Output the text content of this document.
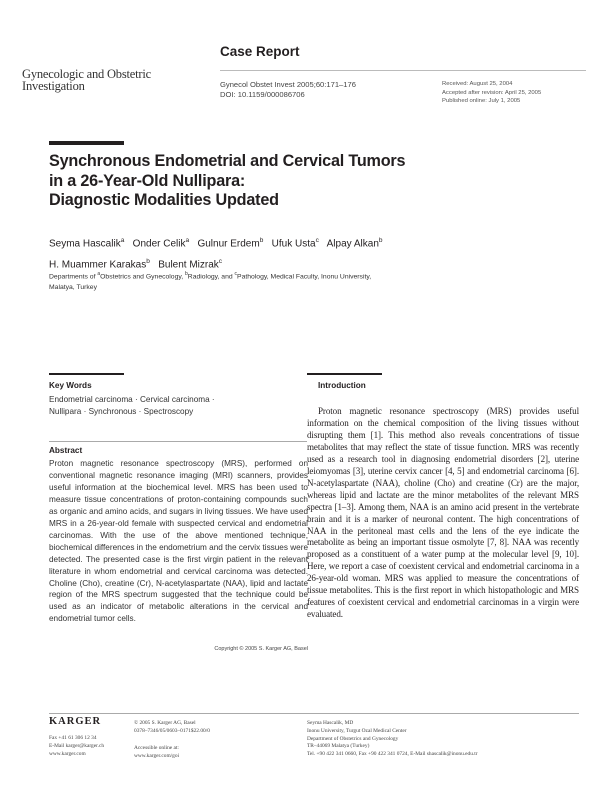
Gynecologic and Obstetric Investigation
Case Report
Gynecol Obstet Invest 2005;60:171–176
DOI: 10.1159/000086706
Received: August 25, 2004
Accepted after revision: April 25, 2005
Published online: July 1, 2005
Synchronous Endometrial and Cervical Tumors
in a 26-Year-Old Nullipara:
Diagnostic Modalities Updated
Seyma Hascalik$^a$ Onder Celik$^a$ Gulnur Erdem$^b$ Ufuk Usta$^c$ Alpay Alkan$^b$
H. Muammer Karakas$^b$ Bulent Mizrak$^c$
Departments of $^a$Obstetrics and Gynecology, $^b$Radiology, and $^c$Pathology, Medical Faculty, Inonu University,
Malatya, Turkey
Key Words
Endometrial carcinoma · Cervical carcinoma ·
Nullipara · Synchronous · Spectroscopy
Abstract
Proton magnetic resonance spectroscopy (MRS), performed on conventional magnetic resonance imaging (MRI) scanners, provides useful information at the biochemical level. MRS has been used to measure tissue concentrations of proton-containing compounds such as organic and amino acids, and sugars in living tissues. We have used MRS in a 26-year-old female with suspected cervical and endometrial carcinomas. With the use of the above mentioned technique, biochemical differences in the endometrium and the cervix tissues were detected. The presented case is the first virgin patient in the relevant literature in whom endometrial and cervical carcinoma was detected. Choline (Cho), creatine (Cr), N-acetylaspartate (NAA), lipid and lactate region of the MRS spectrum suggested that the technique could be used as an indicator of metabolic alterations in the cervical and endometrial tumor cells.
Copyright © 2005 S. Karger AG, Basel
Introduction
Proton magnetic resonance spectroscopy (MRS) provides useful information on the chemical composition of the living tissues without disrupting them [1]. This method also reveals concentrations of tissue metabolites that may reflect the state of tissue function. MRS was recently used as a research tool in diagnosing endometrial disorders [2], uterine leiomyomas [3], uterine cervix cancer [4, 5] and endometrial carcinoma [6]. N-acetylaspartate (NAA), choline (Cho) and creatine (Cr) are the major, whereas lipid and lactate are the minor metabolites of the relevant MRS spectra [1–3]. Among them, NAA is an amino acid present in the vertebrate brain and it is a marker of neuronal content. The high concentrations of NAA in the peritoneal mast cells and the lens of the eye indicate the metabolite as being an important tissue osmolyte [7, 8]. NAA was recently proposed as a constituent of a water pump at the molecular level [9, 10]. Here, we report a case of coexistent cervical and endometrial carcinoma in a 26-year-old woman. MRS was applied to measure the concentrations of tissue metabolites. This is the first report in which histopathologic and MRS features of coexistent cervical and endometrial carcinomas in a virgin were evaluated.
KARGER
Fax +41 61 306 12 34
E-Mail karger@karger.ch
www.karger.com
© 2005 S. Karger AG, Basel
0378–7346/05/0603–0171$22.00/0
Accessible online at:
www.karger.com/goi
Seyma Hascalik, MD
Inonu University, Turgut Ozal Medical Center
Department of Obstetrics and Gynecology
TR–44069 Malatya (Turkey)
Tel. +90 422 341 0660, Fax +90 422 341 0724, E-Mail shascalik@inonu.edu.tr
